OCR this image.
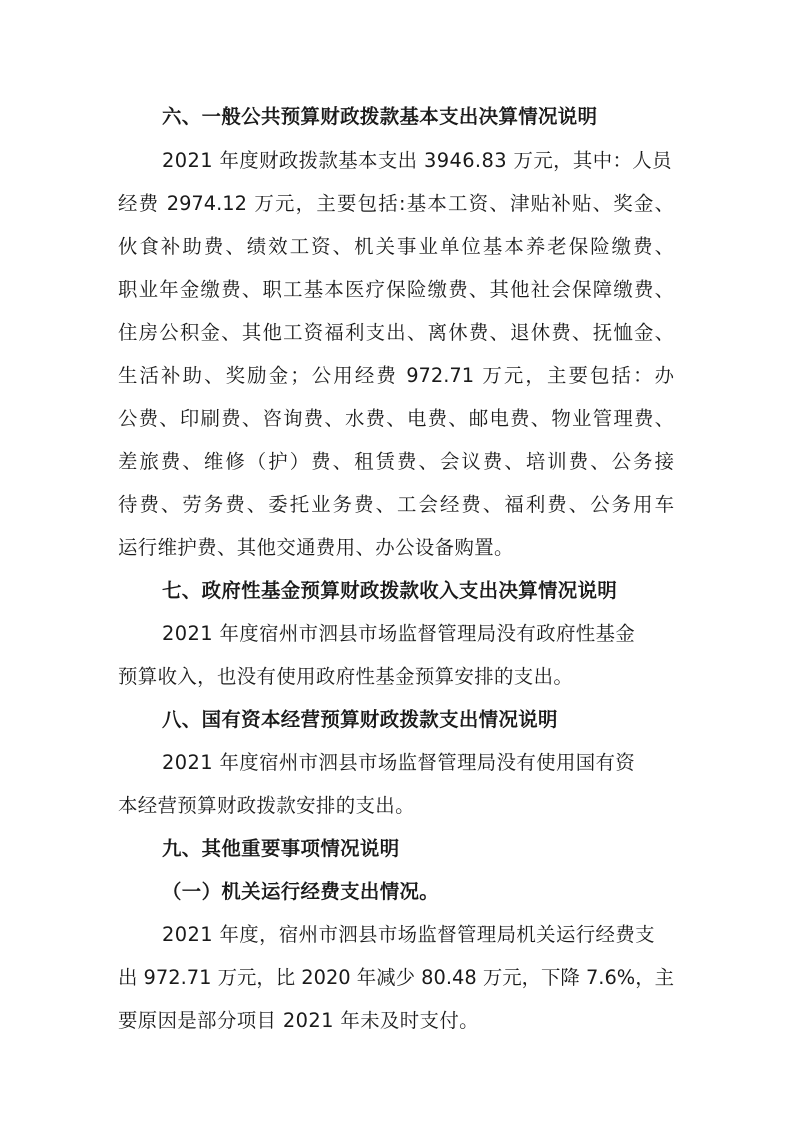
六、一般公共预算财政拨款基本支出决算情况说明
2021 年度财政拨款基本支出 3946.83 万元，其中：人员
经费 2974.12 万元，主要包括:基本工资、津贴补贴、奖金、
伙食补助费、绩效工资、机关事业单位基本养老保险缴费、
职业年金缴费、职工基本医疗保险缴费、其他社会保障缴费、
住房公积金、其他工资福利支出、离休费、退休费、抚恤金、
生活补助、奖励金；公用经费 972.71 万元，主要包括：办
公费、印刷费、咨询费、水费、电费、邮电费、物业管理费、
差旅费、维修（护）费、租赁费、会议费、培训费、公务接
待费、劳务费、委托业务费、工会经费、福利费、公务用车
运行维护费、其他交通费用、办公设备购置。
七、政府性基金预算财政拨款收入支出决算情况说明
2021 年度宿州市泗县市场监督管理局没有政府性基金
预算收入，也没有使用政府性基金预算安排的支出。
八、国有资本经营预算财政拨款支出情况说明
2021 年度宿州市泗县市场监督管理局没有使用国有资
本经营预算财政拨款安排的支出。
九、其他重要事项情况说明
（一）机关运行经费支出情况。
2021 年度，宿州市泗县市场监督管理局机关运行经费支
出 972.71 万元，比 2020 年减少 80.48 万元，下降 7.6%，主
要原因是部分项目 2021 年未及时支付。
